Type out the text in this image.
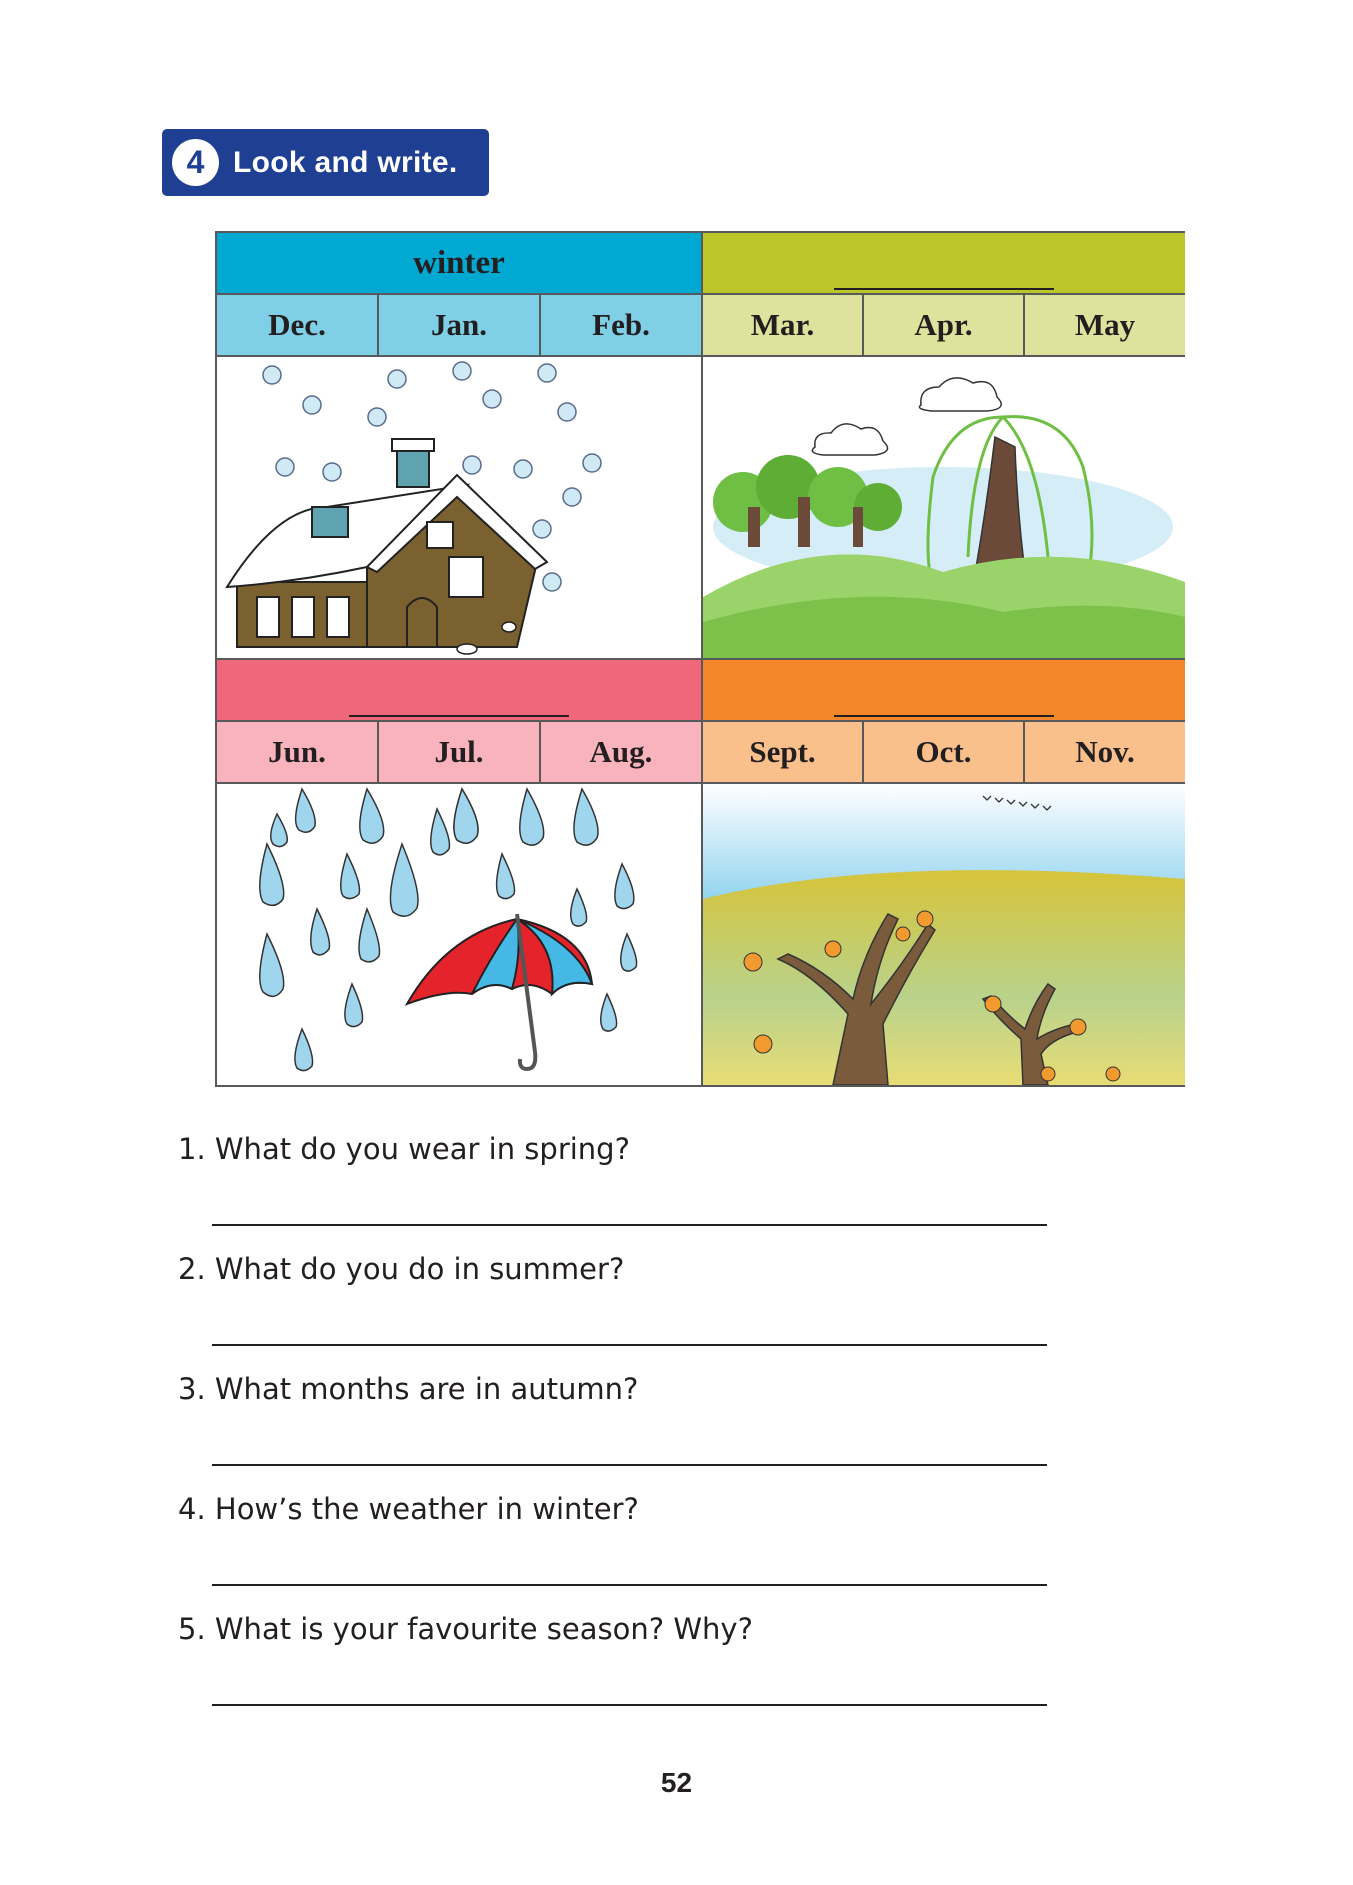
4 Look and write.
winter
Dec.	Jan.	Feb.	Mar.	Apr.	May
Jun.	Jul.	Aug.	Sept.	Oct.	Nov.
1. What do you wear in spring?
2. What do you do in summer?
3. What months are in autumn?
4. How’s the weather in winter?
5. What is your favourite season? Why?
52
